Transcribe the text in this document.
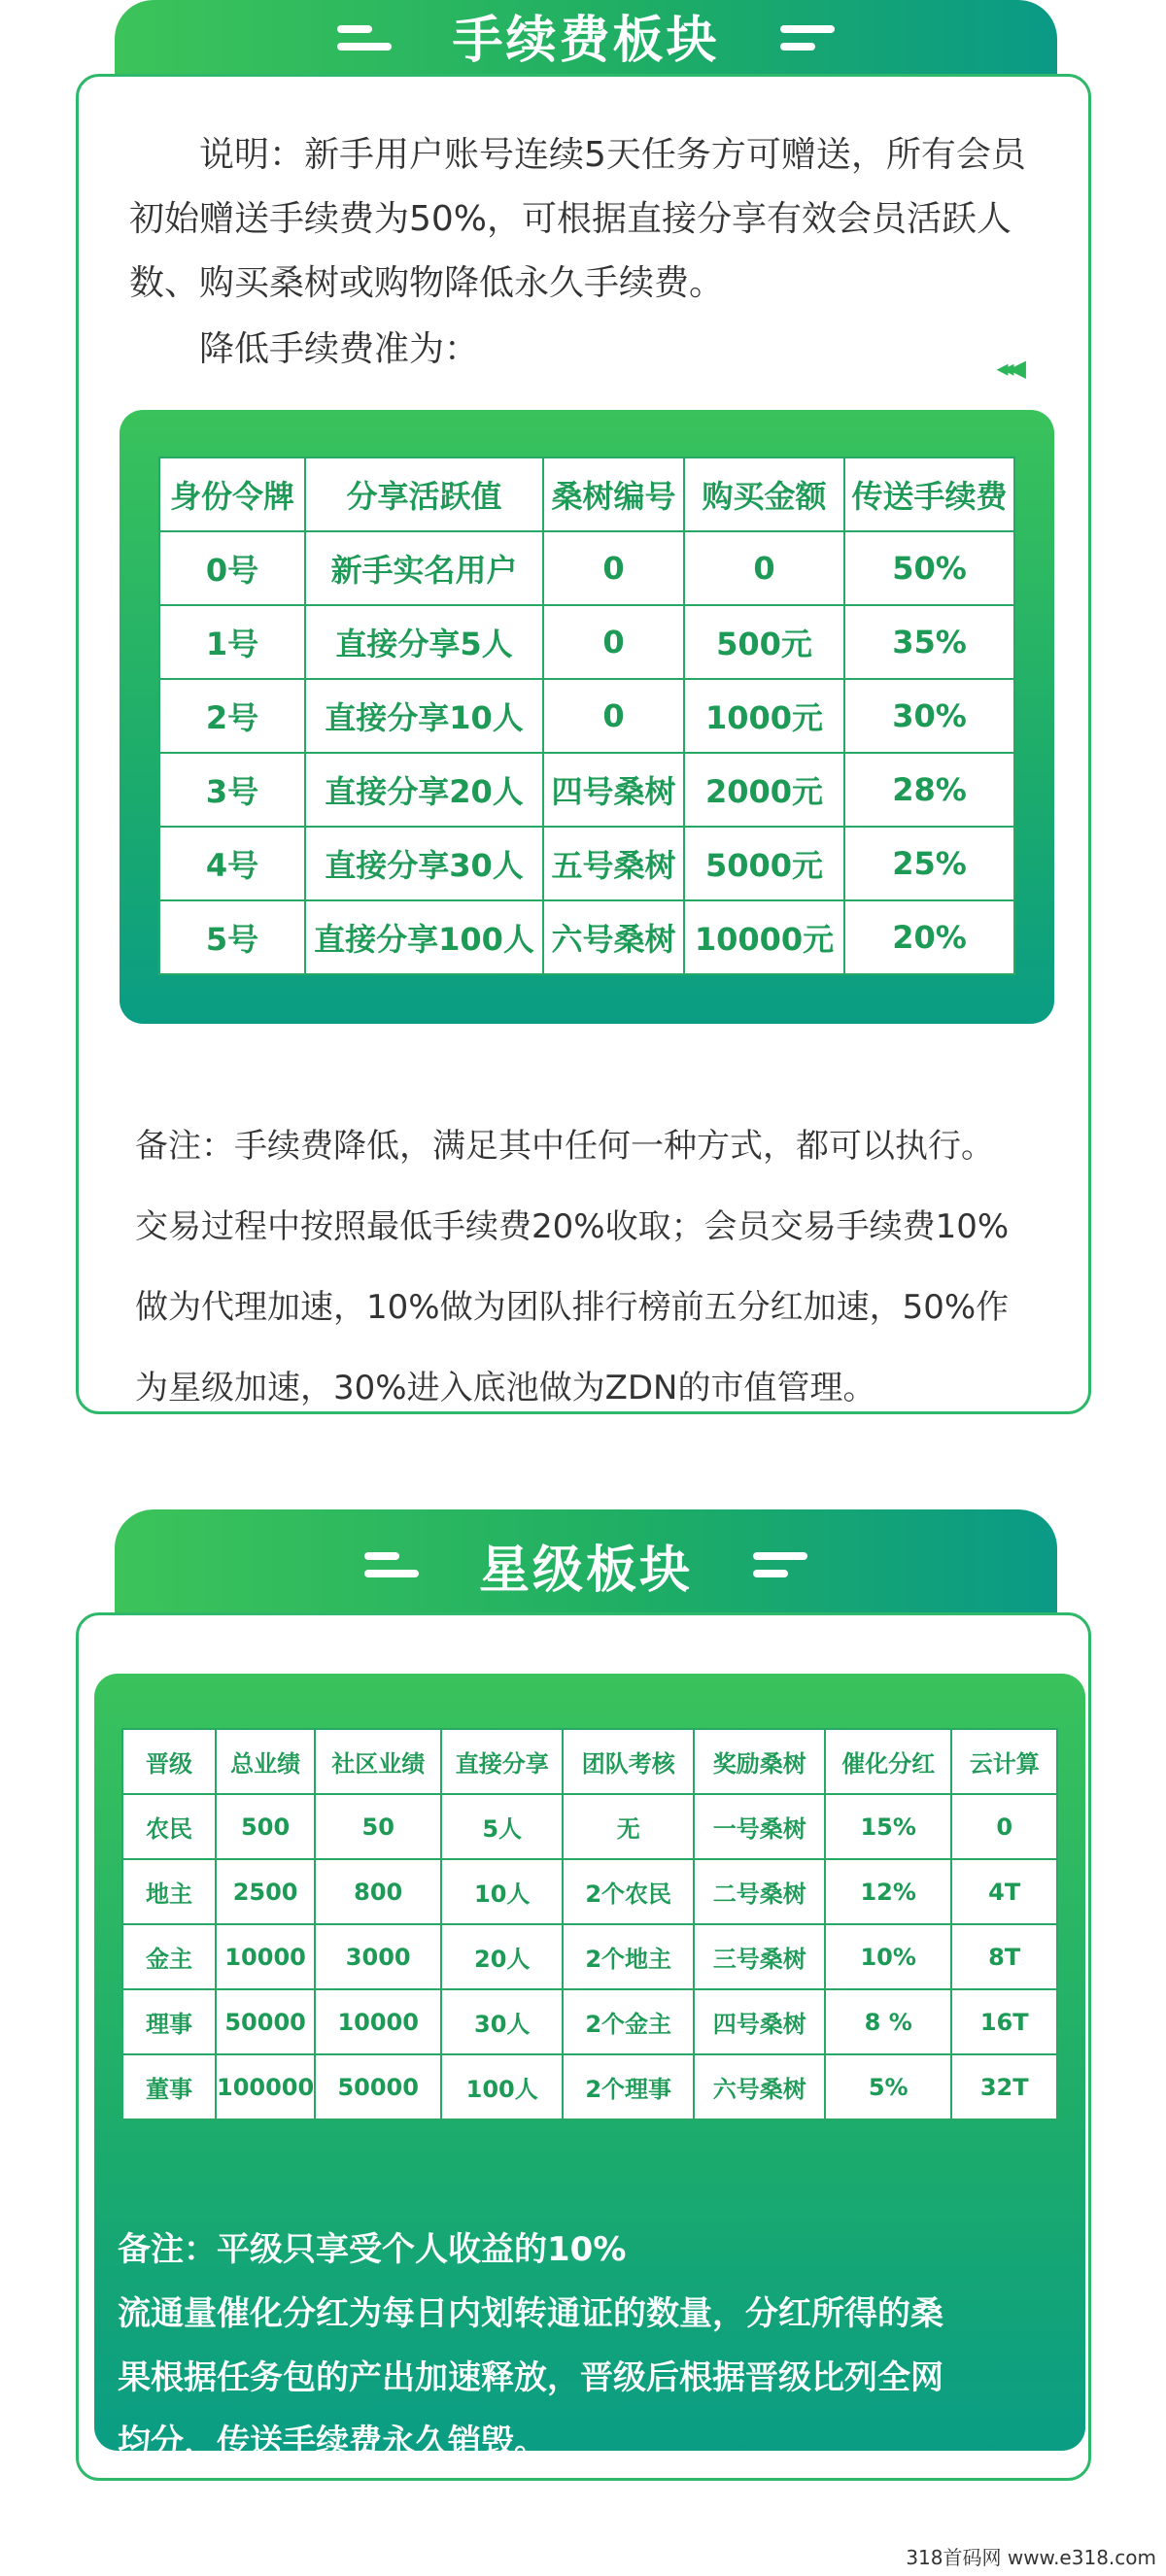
手续费板块
说明：新手用户账号连续5天任务方可赠送，所有会员初始赠送手续费为50%，可根据直接分享有效会员活跃人数、购买桑树或购物降低永久手续费。
降低手续费准为：	◂◂◀
身份令牌	分享活跃值	桑树编号	购买金额	传送手续费
0号	新手实名用户	0	0	50%
1号	直接分享5人	0	500元	35%
2号	直接分享10人	0	1000元	30%
3号	直接分享20人	四号桑树	2000元	28%
4号	直接分享30人	五号桑树	5000元	25%
5号	直接分享100人	六号桑树	10000元	20%
备注：手续费降低，满足其中任何一种方式，都可以执行。
交易过程中按照最低手续费20%收取；会员交易手续费10%
做为代理加速，10%做为团队排行榜前五分红加速，50%作
为星级加速，30%进入底池做为ZDN的市值管理。
星级板块
晋级	总业绩	社区业绩	直接分享	团队考核	奖励桑树	催化分红	云计算
农民	500	50	5人	无	一号桑树	15%	0
地主	2500	800	10人	2个农民	二号桑树	12%	4T
金主	10000	3000	20人	2个地主	三号桑树	10%	8T
理事	50000	10000	30人	2个金主	四号桑树	8 %	16T
董事	100000	50000	100人	2个理事	六号桑树	5%	32T
备注：平级只享受个人收益的10%
流通量催化分红为每日内划转通证的数量，分红所得的桑
果根据任务包的产出加速释放，晋级后根据晋级比列全网
均分，传送手续费永久销毁。
318首码网 www.e318.com
